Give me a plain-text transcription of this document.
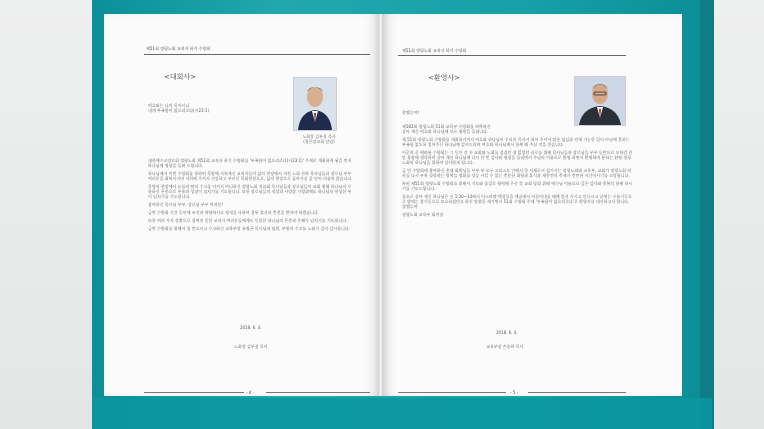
제51회 정평노회 교직자 하기 수양회
<대회사>
여호와는 나의 목자시니
내게 부족함이 없으리로다(시23:1)
노회장 김부경 목사
(광은장교회 담임)

대한예수교장로회 정평노회 제51회 교직자 하기 수양회를 '부족함이 없으리로다(시23:1)' 주제로 개최하게 됨을 먼저 하나님께 영광을 돌려 드립니다.

하나님께서 이번 수양회를 통하여 목양에 지쳐계신 교직자들이 삶의 현장에서 지친 노회 산하 목사님들과 장로님 부부 여러분을 회복시키며 저희에 주셔서 건강하고 부르신 목회현장으로, 삶의 현장으로 돌아가실 줄 믿어 의심치 않습니다.

목양의 현장에서 눈물과 땀의 수고를 아끼지 아니하신 정평노회 지교회 목사님들과 장로님들이 교회 위해 하나님의 무한하신 은총으로 부흥과 성장이 넘치기를 기도합니다. 또한 장로님들의 직장과 사업장 가정위에도 하나님의 풍성한 복이 넘치기를 기도합니다.

참여하신 목사님 부부, 장로님 부부 여러분!

금번 수양회 기간 동안에 조건과 차양하시고 영적을 다하며 참된 휴식과 충전을 받아야 하겠습니다.

또한 여러 가지 상황으로 참여치 못한 교직자 여러분들에게도 동일한 하나님의 은총과 은혜가 넘치기를 기도합니다.

금번 수양회를 위해서 힘 쏟으시고 수고하신 교육부장 유병곤 목사님과 임원, 부원의 수고를 노회가 깊이 감사합니다.

2018. 6. 4.
노회장 김부경 목사
- 4 -
제51회 정평노회 교직자 하기 수양회
<환영사>
할렐루야!

제182회 정평노회 51회 교육부 수양회를 허락하신
살아 계신 여호와 하나님께 모든 영광을 올립니다.

제 51회 정평노회 수양회를 개최하기까지 여호와 하나님이 우리의 목자가 되어 주셔서 많은 섬김과 언제 가능한 일이 아님에 불과는 부족함 없도록 입어주신 하나님께 감사드리며 여호와 하나님께서 함께 해 주실 것을 믿습니다.

이곳의 곧 배려된 수양회는 그 동안 각 지 교회와 노회를 섬겼던 쉼 없었던 피로를 위해 목사님들과 장로님들 부부 동반으로 모처럼 힌 말 휴양에 생각하며 살아 계신 하나님께 다시 한 번 감사와 영광을 돌리면서 주님의 이름으로 환영 하면서 환영하며 용하는 환영 정평노회의 하나님을 위하여 감사하게 됩니다.

금 번 수양회에 참여하신 총대 회원님들 부부 부 모두 고리스도 안에서 한 자체로서 섬기시는 정평노회와 교육부, 교회가 정평노회 역사를 다시 부흥 성장하는 방역들 정화를 상승 시킬 수 있는 충분한 화합과 휴식과 재충전의 축제가 충만한 시간이시기를 소망합니다.

특히 제51회 정평노회 수양회를 위해서 기도와 물질로 협력해 주신 각 교회 당회 위해 예수님 이름으로 깊은 감사와 축복의 함께 하시기를 기도드립니다.

끝으로 살아 계신 하나님은 신 1:30~33에서 이스라엘 백성들을 애굽에서 이끌어내실 때에 앞서 가시고 안으시고 낮에는 구름기둥으로 밤에는 불기둥으로 보호하셨던고 하신 말씀을 새기면서 51회 수양회 주제 '부족함이 없으리로다'로 환영사를 대신하고자 합니다. 할렐루야

정평노회 교육부 회이장

2018. 6. 4.
교육부장 손종하 목사
- 5 -
